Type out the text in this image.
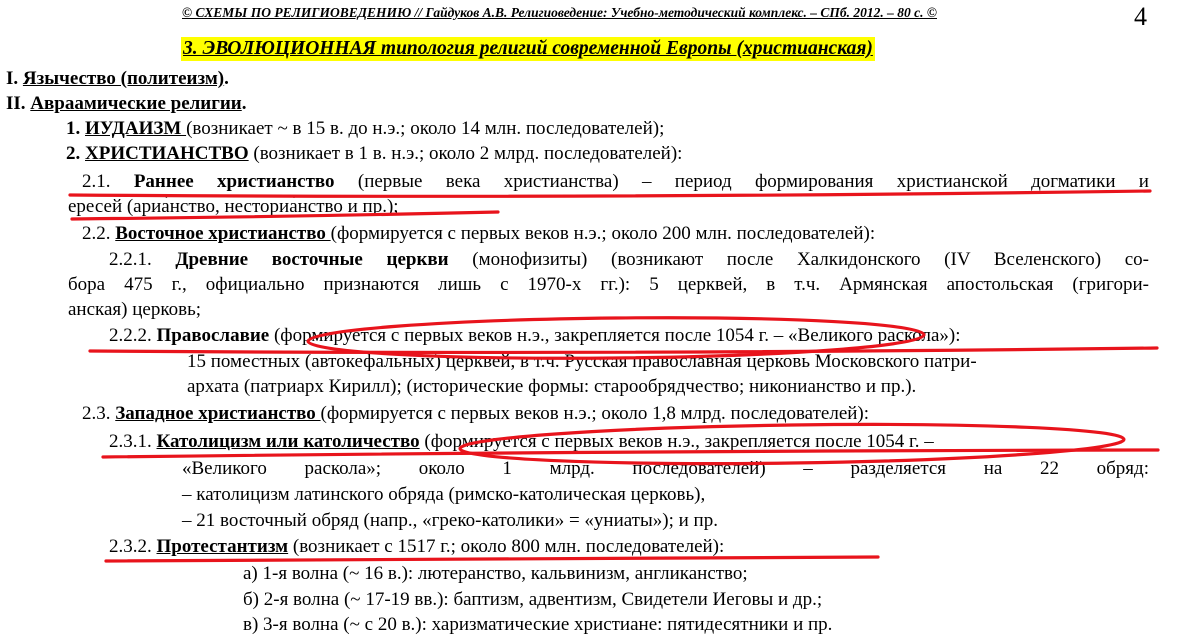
© СХЕМЫ ПО РЕЛИГИОВЕДЕНИЮ // Гайдуков А.В. Религиоведение: Учебно-методический комплекс. – СПб. 2012. – 80 с. ©	4
3. ЭВОЛЮЦИОННАЯ типология религий современной Европы (христианская)
I. Язычество (политеизм).
II. Авраамические религии.
1. ИУДАИЗМ (возникает ~ в 15 в. до н.э.; около 14 млн. последователей);
2. ХРИСТИАНСТВО (возникает в 1 в. н.э.; около 2 млрд. последователей):
2.1. Раннее христианство (первые века христианства) – период формирования христианской догматики и
ересей (ариа́нство, несториа́нство и пр.);
2.2. Восточное христианство (формируется с первых веков н.э.; около 200 млн. последователей):
2.2.1. Древние восточные церкви (монофизиты) (возникают после Халкидонского (IV Вселенского) со-
бора 475 г., официально признаются лишь с 1970-х гг.): 5 церквей, в т.ч. Армянская апостольская (григори-
анская) церковь;
2.2.2. Православие (формируется с первых веков н.э., закрепляется после 1054 г. – «Великого раскола»):
15 поместных (автокефальных) церквей, в т.ч. Русская православная церковь Московского патри-
архата (патриарх Кирилл); (исторические формы: старообрядчество; никонианство и пр.).
2.3. Западное христианство (формируется с первых веков н.э.; около 1,8 млрд. последователей):
2.3.1. Католицизм или католичество (формируется с первых веков н.э., закрепляется после 1054 г. –
«Великого раскола»; около 1 млрд. последователей) – разделяется на 22 обряд:
– католицизм латинского обряда (римско-католическая церковь),
– 21 восточный обряд (напр., «греко-католики» = «униаты»); и пр.
2.3.2. Протестантизм (возникает с 1517 г.; около 800 млн. последователей):
а) 1-я волна (~ 16 в.): лютеранство, кальвинизм, англиканство;
б) 2-я волна (~ 17-19 вв.): баптизм, адвентизм, Свидетели Иеговы и др.;
в) 3-я волна (~ с 20 в.): харизматические христиане: пятидесятники и пр.
